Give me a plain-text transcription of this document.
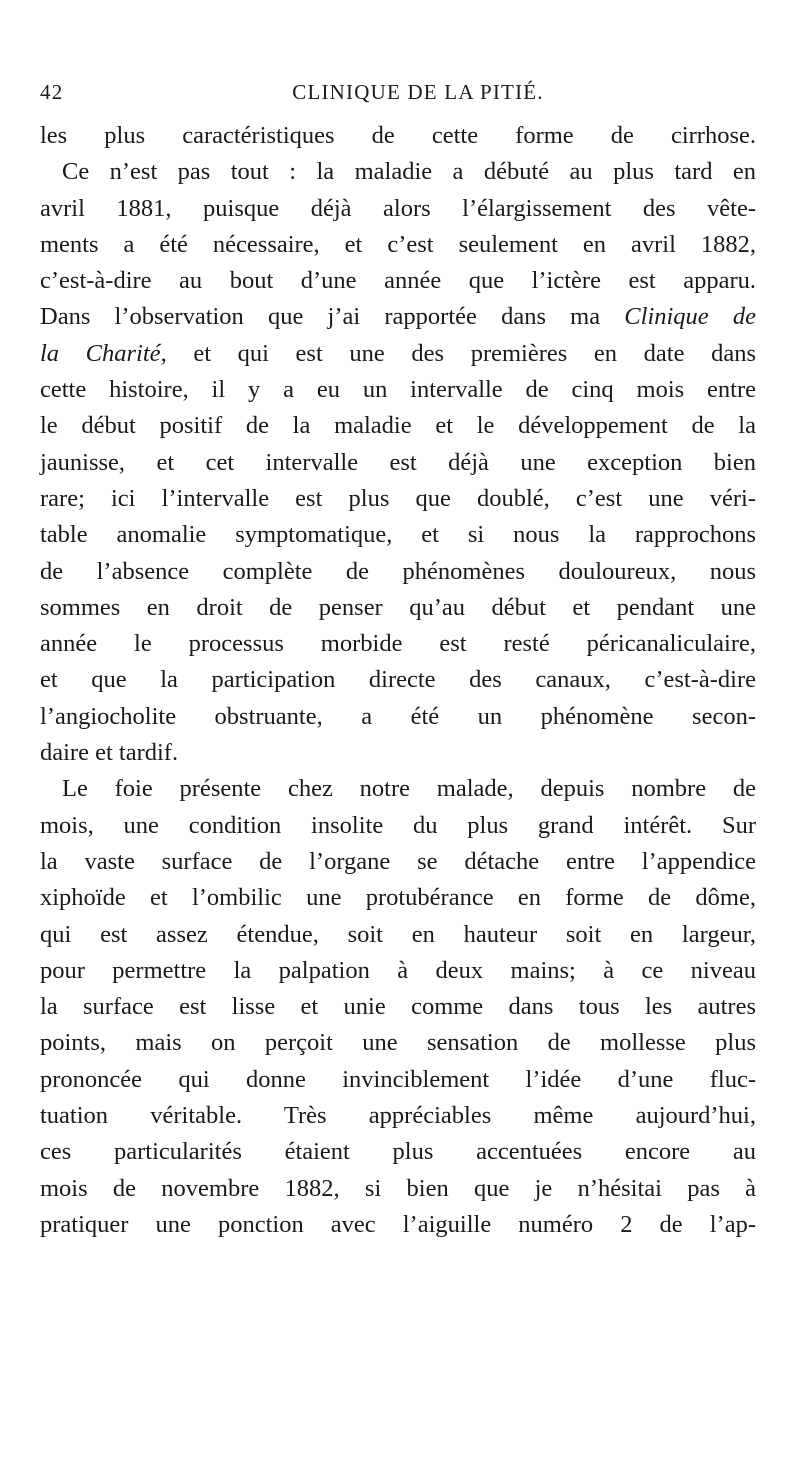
42	CLINIQUE DE LA PITIÉ.
les plus caractéristiques de cette forme de cirrhose.
Ce n’est pas tout : la maladie a débuté au plus tard en
avril 1881, puisque déjà alors l’élargissement des vête-
ments a été nécessaire, et c’est seulement en avril 1882,
c’est-à-dire au bout d’une année que l’ictère est apparu.
Dans l’observation que j’ai rapportée dans ma Clinique de
la Charité, et qui est une des premières en date dans
cette histoire, il y a eu un intervalle de cinq mois entre
le début positif de la maladie et le développement de la
jaunisse, et cet intervalle est déjà une exception bien
rare; ici l’intervalle est plus que doublé, c’est une véri-
table anomalie symptomatique, et si nous la rapprochons
de l’absence complète de phénomènes douloureux, nous
sommes en droit de penser qu’au début et pendant une
année le processus morbide est resté péricanaliculaire,
et que la participation directe des canaux, c’est-à-dire
l’angiocholite obstruante, a été un phénomène secon-
daire et tardif.
Le foie présente chez notre malade, depuis nombre de
mois, une condition insolite du plus grand intérêt. Sur
la vaste surface de l’organe se détache entre l’appendice
xiphoïde et l’ombilic une protubérance en forme de dôme,
qui est assez étendue, soit en hauteur soit en largeur,
pour permettre la palpation à deux mains; à ce niveau
la surface est lisse et unie comme dans tous les autres
points, mais on perçoit une sensation de mollesse plus
prononcée qui donne invinciblement l’idée d’une fluc-
tuation véritable. Très appréciables même aujourd’hui,
ces particularités étaient plus accentuées encore au
mois de novembre 1882, si bien que je n’hésitai pas à
pratiquer une ponction avec l’aiguille numéro 2 de l’ap-
